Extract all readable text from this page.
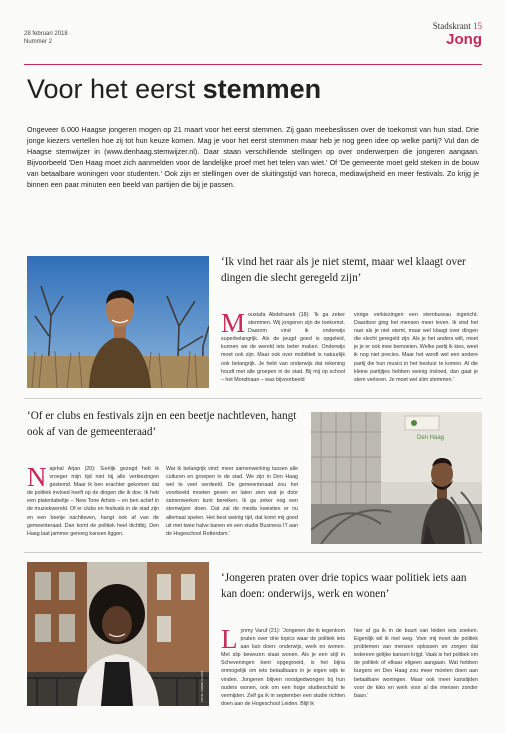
28 februari 2018
Nummer 2
Stadskrant 15
Jong
Voor het eerst stemmen
Ongeveer 6.000 Haagse jongeren mogen op 21 maart voor het eerst stemmen. Zij gaan meebeslissen over de toekomst van hun stad. Drie jonge kiezers vertellen hoe zij tot hun keuze komen. Mag je voor het eerst stemmen maar heb je nog geen idee op welke partij? Vul dan de Haagse stemwijzer in (www.denhaag.stemwijzer.nl). Daar staan verschillende stellingen op over onderwerpen die jongeren aangaan. Bijvoorbeeld 'Den Haag moet zich aanmelden voor de landelijke proef met het telen van wiet.' Of 'De gemeente moet geld steken in de bouw van betaalbare woningen voor studenten.' Ook zijn er stellingen over de sluitingstijd van horeca, mediawijsheid en meer festivals. Zo krijg je binnen een paar minuten een beeld van partijen die bij je passen.
‘Ik vind het raar als je niet stemt, maar wel klaagt over dingen die slecht geregeld zijn’
Moustafa Abdelrazek (18): ‘Ik ga zeker stemmen. Wij jongeren zijn de toekomst. Daarom vind ik onderwijs superbelangrijk. Als de jeugd goed is opgeleid, kunnen we de wereld iets beter maken. Onderwijs moet ook zijn. Maar ook over mobiliteit is natuurlijk ook belangrijk. Je hebt van onderwijs dat rekening houdt met alle groepen in de stad. Bij mij op school – het Mondriaan – was bijvoorbeeld
vorige verkiezingen een stembureau ingericht. Daardoor ging het mensen meer leven. Ik vind het raar als je niet stemt, maar wel klaagt over dingen die slecht geregeld zijn. Als je het anders wilt, moet je je er ook mee bemoeien. Welke partij ik kies, weet ik nog niet precies. Maar het wordt wel een andere partij die hun musici in het bestuur te komen. Al die kleine partijtjes hebben weinig invloed, dan gaat je stem verloren. Je moet wel slim stemmen.’
‘Of er clubs en festivals zijn en een beetje nachtleven, hangt ook af van de gemeenteraad’
Najehal Arjan (20): ‘Eerlijk gezegd heb ik vroeger mijn tijd niet bij alle verkiezingen gestemd. Maar ik ben erachter gekomen dat de politiek invloed heeft op de dingen die ik doe. Ik heb een platenlabeltje – New Tone Artists – en ben actief in de muziekwereld. Of er clubs en festivals in de stad zijn en een beetje nachtleven, hangt ook af van de gemeenteraad. Dan komt de politiek heel dichtbij. Den Haag laat jammer genoeg kansen liggen.
Wat ik belangrijk vind: meer samenwerking tussen alle culturen en groepen in de stad. We zijn in Den Haag wel te veel verdeeld. De gemeenteraad zou het voorbeeld moeten geven en laten zien wat je door samenwerken kunt bereiken. Ik ga zeker nog een stemwijzer doen. Dat zal de media kwesties er nu allemaal spelen. Het best weinig tijd, dat komt mij goed uit met twee halve banen en een studie Business IT aan de Hogeschool Rotterdam.’
Den Haag
FOTO: ANDRÉ CLAUS
‘Jongeren praten over drie topics waar politiek iets aan kan doen: onderwijs, werk en wonen’
Lynmy Varuf (21): ‘Jongeren die ik tegenkom praten over drie topics waar de politiek iets aan kan doen: onderwijs, werk en wonen. Met slip bewezen staat wonen. Als je een stijl in Scheveningen bent opgegroeid, is het bijna onmogelijk om iets betaalbaars in je eigen wijk te vinden. Jongeren blijven noodgedwongen bij hun ouders wonen, ook om een hoge studieschuld te vermijden. Zelf ga ik in september een studie richten doen aan de Hogeschool Leiden. Blijf ik
hier af ga ik in de buurt van leiden iets zoeken. Eigenlijk wil ik niet weg. Voor mij moet de politiek problemen van mensen oplossen en zorgen dat iedereen gelijke kansen krijgt. Vaak is het politiek om de politiek of elkaar eligeen aangaan. Wat hebben burgers en Den Haag zou meer moeten doen aan betaalbare woningen. Maar ook meer kanstijden voor de kiko en werk voor al die mensen zonder baan.’
